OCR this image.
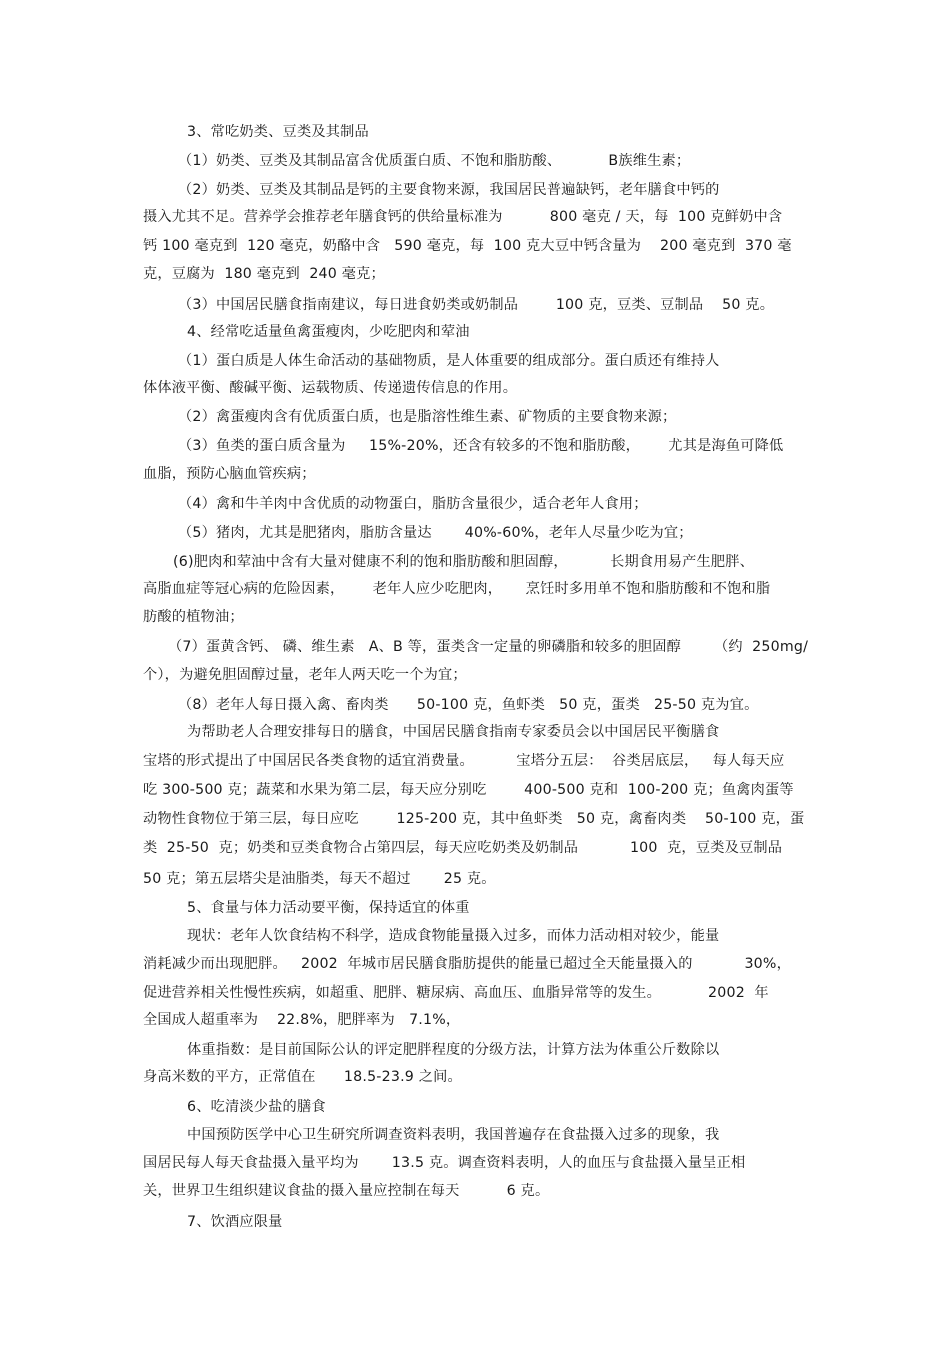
3、常吃奶类、豆类及其制品
（1）奶类、豆类及其制品富含优质蛋白质、不饱和脂肪酸、          B族维生素；
（2）奶类、豆类及其制品是钙的主要食物来源，我国居民普遍缺钙，老年膳食中钙的
摄入尤其不足。营养学会推荐老年膳食钙的供给量标准为          800 毫克 / 天，每  100 克鲜奶中含
钙 100 毫克到  120 毫克，奶酪中含   590 毫克，每  100 克大豆中钙含量为    200 毫克到  370 毫
克，豆腐为  180 毫克到  240 毫克；
（3）中国居民膳食指南建议，每日进食奶类或奶制品        100 克，豆类、豆制品    50 克。
4、经常吃适量鱼禽蛋瘦肉，少吃肥肉和荤油
（1）蛋白质是人体生命活动的基础物质，是人体重要的组成部分。蛋白质还有维持人
体体液平衡、酸碱平衡、运载物质、传递遗传信息的作用。
（2）禽蛋瘦肉含有优质蛋白质，也是脂溶性维生素、矿物质的主要食物来源；
（3）鱼类的蛋白质含量为     15%-20%，还含有较多的不饱和脂肪酸，      尤其是海鱼可降低
血脂，预防心脑血管疾病；
（4）禽和牛羊肉中含优质的动物蛋白，脂肪含量很少，适合老年人食用；
（5）猪肉，尤其是肥猪肉，脂肪含量达       40%-60%，老年人尽量少吃为宜；
(6)肥肉和荤油中含有大量对健康不利的饱和脂肪酸和胆固醇，         长期食用易产生肥胖、
高脂血症等冠心病的危险因素，      老年人应少吃肥肉，     烹饪时多用单不饱和脂肪酸和不饱和脂
肪酸的植物油；
（7）蛋黄含钙、 磷、维生素   A、B 等，蛋类含一定量的卵磷脂和较多的胆固醇       （约  250mg/
个），为避免胆固醇过量，老年人两天吃一个为宜；
（8）老年人每日摄入禽、畜肉类      50-100 克，鱼虾类   50 克，蛋类   25-50 克为宜。
为帮助老人合理安排每日的膳食，中国居民膳食指南专家委员会以中国居民平衡膳食
宝塔的形式提出了中国居民各类食物的适宜消费量。         宝塔分五层：  谷类居底层，   每人每天应
吃 300-500 克；蔬菜和水果为第二层，每天应分别吃        400-500 克和  100-200 克；鱼禽肉蛋等
动物性食物位于第三层，每日应吃        125-200 克，其中鱼虾类   50 克，禽畜肉类    50-100 克，蛋
类  25-50  克；奶类和豆类食物合占第四层，每天应吃奶类及奶制品           100  克，豆类及豆制品
50 克；第五层塔尖是油脂类，每天不超过       25 克。
5、食量与体力活动要平衡，保持适宜的体重
现状：老年人饮食结构不科学，造成食物能量摄入过多，而体力活动相对较少，能量
消耗减少而出现肥胖。   2002  年城市居民膳食脂肪提供的能量已超过全天能量摄入的           30%，
促进营养相关性慢性疾病，如超重、肥胖、糖尿病、高血压、血脂异常等的发生。          2002  年
全国成人超重率为    22.8%，肥胖率为   7.1%，
体重指数：是目前国际公认的评定肥胖程度的分级方法，计算方法为体重公斤数除以
身高米数的平方，正常值在      18.5-23.9 之间。
6、吃清淡少盐的膳食
中国预防医学中心卫生研究所调查资料表明，我国普遍存在食盐摄入过多的现象，我
国居民每人每天食盐摄入量平均为       13.5 克。调查资料表明，人的血压与食盐摄入量呈正相
关，世界卫生组织建议食盐的摄入量应控制在每天          6 克。
7、饮酒应限量
